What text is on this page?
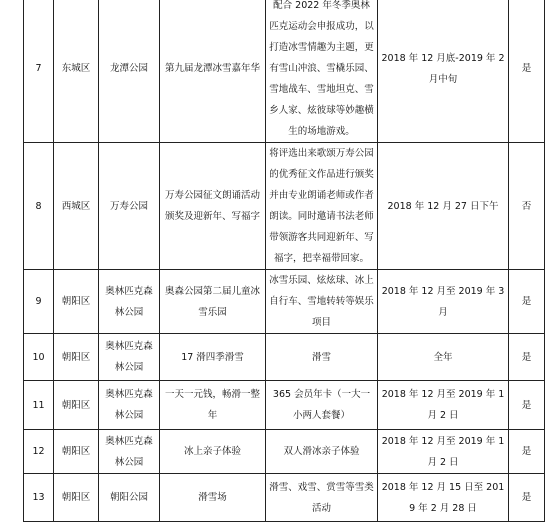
7	东城区	龙潭公园	第九届龙潭冰雪嘉年华	配合 2022 年冬季奥林匹克运动会申报成功，以打造冰雪情趣为主题，更有雪山冲浪、雪橇乐园、雪地战车、雪地坦克、雪乡人家、炫彼球等妙趣横生的场地游戏。	2018 年 12 月底-2019 年 2 月中旬	是
8	西城区	万寿公园	万寿公园征文朗诵活动颁奖及迎新年、写福字	将评选出来歌颂万寿公园的优秀征文作品进行颁奖并由专业朗诵老师或作者朗读。同时邀请书法老师带领游客共同迎新年、写福字，把幸福带回家。	2018 年 12 月 27 日下午	否
9	朝阳区	奥林匹克森林公园	奥森公园第二届儿童冰雪乐园	冰雪乐园、炫炫球、冰上自行车、雪地转转等娱乐项目	2018 年 12 月至 2019 年 3 月	是
10	朝阳区	奥林匹克森林公园	17 滑四季滑雪	滑雪	全年	是
11	朝阳区	奥林匹克森林公园	一天一元钱，畅滑一整年	365 会员年卡（一大一小两人套餐）	2018 年 12 月至 2019 年 1 月 2 日	是
12	朝阳区	奥林匹克森林公园	冰上亲子体验	双人滑冰亲子体验	2018 年 12 月至 2019 年 1 月 2 日	是
13	朝阳区	朝阳公园	滑雪场	滑雪、戏雪、赏雪等雪类活动	2018 年 12 月 15 日至 2019 年 2 月 28 日	是
